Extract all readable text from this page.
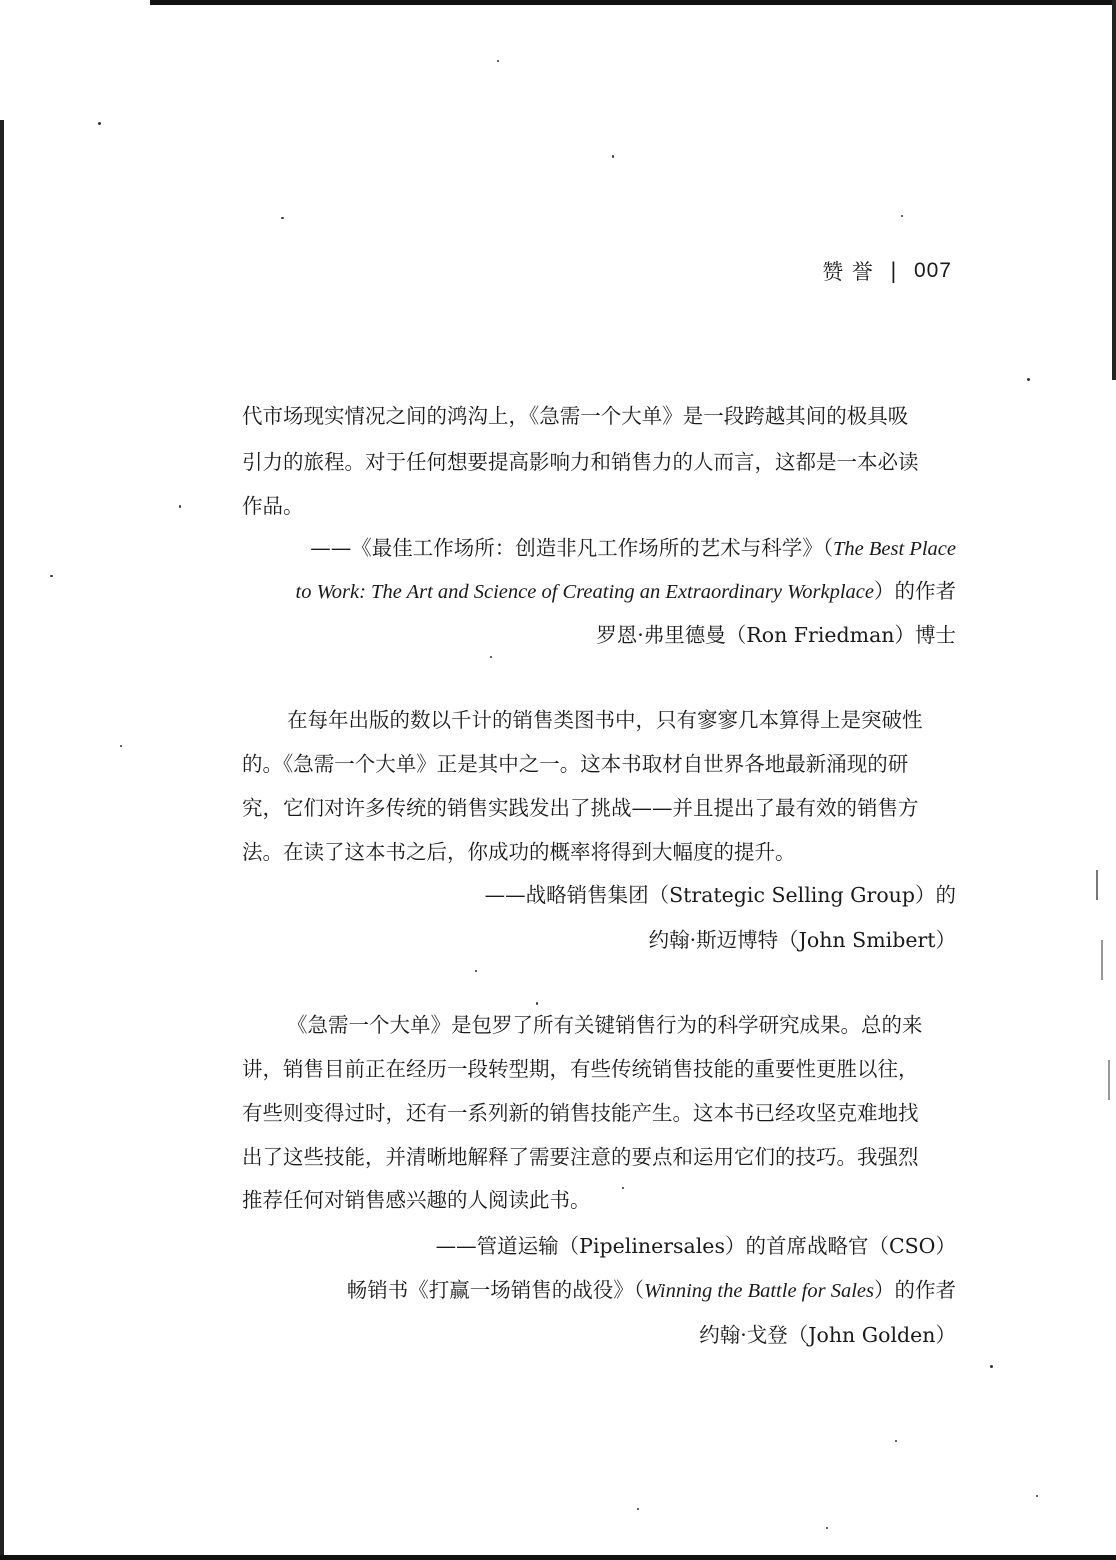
赞 誉 | 007
代市场现实情况之间的鸿沟上，《急需一个大单》是一段跨越其间的极具吸
引力的旅程。对于任何想要提高影响力和销售力的人而言，这都是一本必读
作品。
——《最佳工作场所：创造非凡工作场所的艺术与科学》（The Best Place
to Work: The Art and Science of Creating an Extraordinary Workplace）的作者
罗恩·弗里德曼（Ron Friedman）博士
在每年出版的数以千计的销售类图书中，只有寥寥几本算得上是突破性
的。《急需一个大单》正是其中之一。这本书取材自世界各地最新涌现的研
究，它们对许多传统的销售实践发出了挑战——并且提出了最有效的销售方
法。在读了这本书之后，你成功的概率将得到大幅度的提升。
——战略销售集团（Strategic Selling Group）的
约翰·斯迈博特（John Smibert）
《急需一个大单》是包罗了所有关键销售行为的科学研究成果。总的来
讲，销售目前正在经历一段转型期，有些传统销售技能的重要性更胜以往，
有些则变得过时，还有一系列新的销售技能产生。这本书已经攻坚克难地找
出了这些技能，并清晰地解释了需要注意的要点和运用它们的技巧。我强烈
推荐任何对销售感兴趣的人阅读此书。
——管道运输（Pipelinersales）的首席战略官（CSO）
畅销书《打赢一场销售的战役》（Winning the Battle for Sales）的作者
约翰·戈登（John Golden）
